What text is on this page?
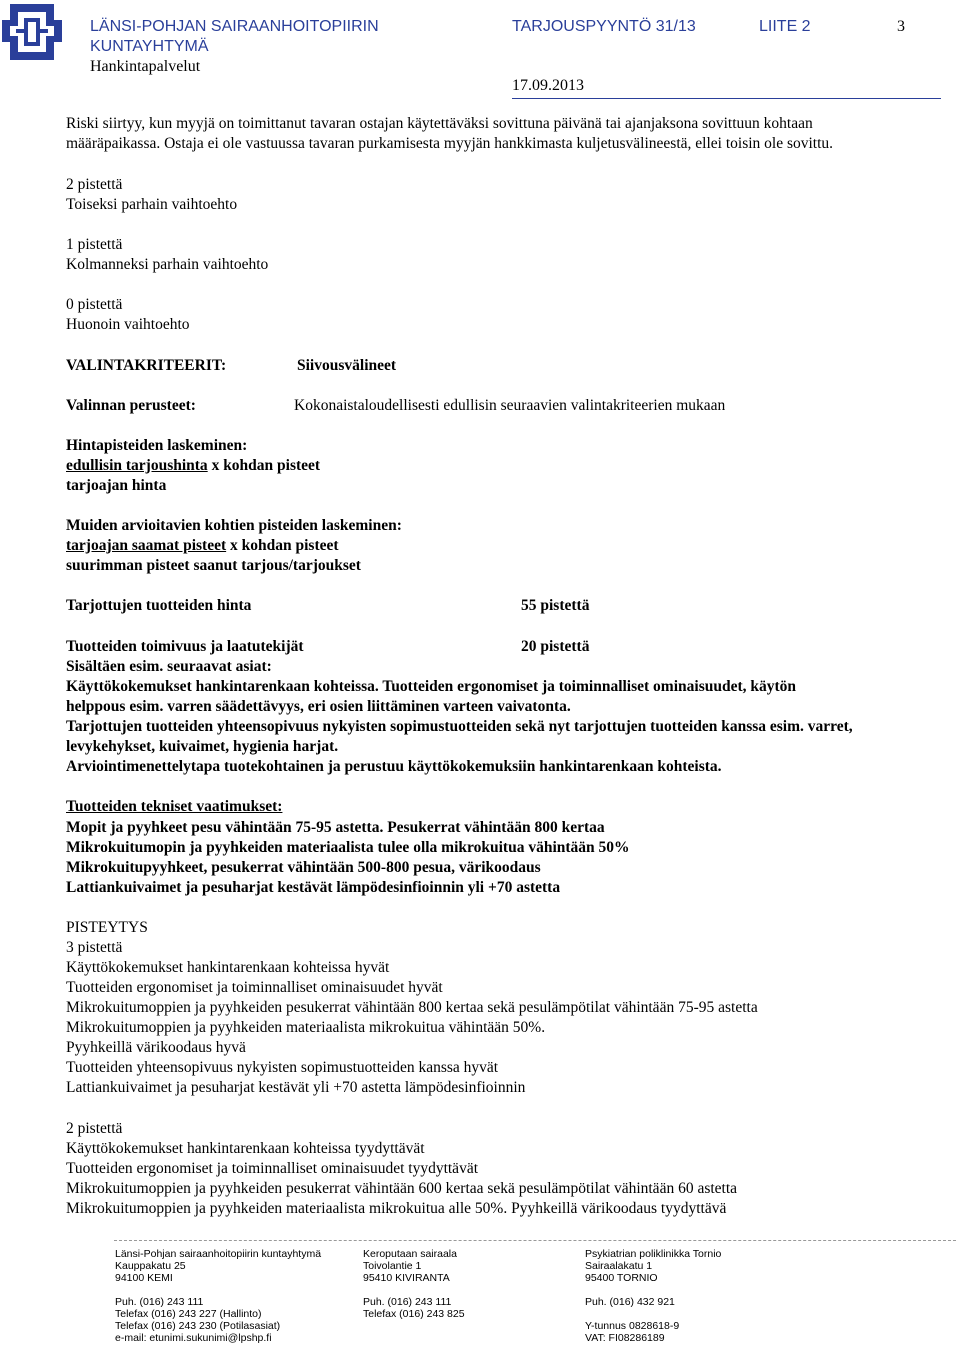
LÄNSI-POHJAN SAIRAANHOITOPIIRIN
KUNTAYHTYMÄ
Hankintapalvelut
TARJOUSPYYNTÖ 31/13	LIITE 2	3
17.09.2013
Riski siirtyy, kun myyjä on toimittanut tavaran ostajan käytettäväksi sovittuna päivänä tai ajanjaksona sovittuun kohtaan
määräpaikassa. Ostaja ei ole vastuussa tavaran purkamisesta myyjän hankkimasta kuljetusvälineestä, ellei toisin ole sovittu.
2 pistettä
Toiseksi parhain vaihtoehto
1 pistettä
Kolmanneksi parhain vaihtoehto
0 pistettä
Huonoin vaihtoehto
VALINTAKRITEERIT:	Siivousvälineet
Valinnan perusteet:	Kokonaistaloudellisesti edullisin seuraavien valintakriteerien mukaan
Hintapisteiden laskeminen:
edullisin tarjoushinta x kohdan pisteet
tarjoajan hinta
Muiden arvioitavien kohtien pisteiden laskeminen:
tarjoajan saamat pisteet x kohdan pisteet
suurimman pisteet saanut tarjous/tarjoukset
Tarjottujen tuotteiden hinta	55 pistettä
Tuotteiden toimivuus ja laatutekijät	20 pistettä
Sisältäen esim. seuraavat asiat:
Käyttökokemukset hankintarenkaan kohteissa. Tuotteiden ergonomiset ja toiminnalliset ominaisuudet, käytön
helppous esim. varren säädettävyys, eri osien liittäminen varteen vaivatonta.
Tarjottujen tuotteiden yhteensopivuus nykyisten sopimustuotteiden sekä nyt tarjottujen tuotteiden kanssa esim. varret,
levykehykset, kuivaimet, hygienia harjat.
Arviointimenettelytapa tuotekohtainen ja perustuu käyttökokemuksiin hankintarenkaan kohteista.
Tuotteiden tekniset vaatimukset:
Mopit ja pyyhkeet pesu vähintään 75-95 astetta. Pesukerrat vähintään 800 kertaa
Mikrokuitumopin ja pyyhkeiden materiaalista tulee olla mikrokuitua vähintään 50%
Mikrokuitupyyhkeet, pesukerrat vähintään 500-800 pesua, värikoodaus
Lattiankuivaimet ja pesuharjat kestävät lämpödesinfioinnin yli +70 astetta
PISTEYTYS
3 pistettä
Käyttökokemukset hankintarenkaan kohteissa hyvät
Tuotteiden ergonomiset ja toiminnalliset ominaisuudet hyvät
Mikrokuitumoppien ja pyyhkeiden pesukerrat vähintään 800 kertaa sekä pesulämpötilat vähintään 75-95 astetta
Mikrokuitumoppien ja pyyhkeiden materiaalista mikrokuitua vähintään 50%.
Pyyhkeillä värikoodaus hyvä
Tuotteiden yhteensopivuus nykyisten sopimustuotteiden kanssa hyvät
Lattiankuivaimet ja pesuharjat kestävät yli +70 astetta lämpödesinfioinnin
2 pistettä
Käyttökokemukset hankintarenkaan kohteissa tyydyttävät
Tuotteiden ergonomiset ja toiminnalliset ominaisuudet tyydyttävät
Mikrokuitumoppien ja pyyhkeiden pesukerrat vähintään 600 kertaa sekä pesulämpötilat vähintään 60 astetta
Mikrokuitumoppien ja pyyhkeiden materiaalista mikrokuitua alle 50%. Pyyhkeillä värikoodaus tyydyttävä
Länsi-Pohjan sairaanhoitopiirin kuntayhtymä
Kauppakatu 25
94100 KEMI
Puh. (016) 243 111
Telefax (016) 243 227 (Hallinto)
Telefax (016) 243 230 (Potilasasiat)
e-mail: etunimi.sukunimi@lpshp.fi
Keroputaan sairaala
Toivolantie 1
95410 KIVIRANTA
Puh. (016) 243 111
Telefax (016) 243 825
Psykiatrian poliklinikka Tornio
Sairaalakatu 1
95400 TORNIO
Puh. (016) 432 921
Y-tunnus 0828618-9
VAT: FI08286189
